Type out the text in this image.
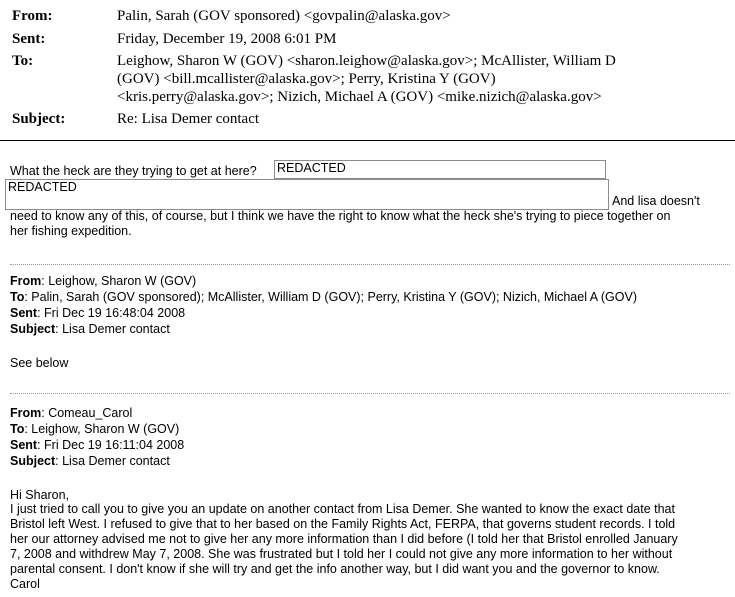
From:	Palin, Sarah (GOV sponsored) <govpalin@alaska.gov>
Sent:	Friday, December 19, 2008 6:01 PM
To:	Leighow, Sharon W (GOV) <sharon.leighow@alaska.gov>; McAllister, William D
(GOV) <bill.mcallister@alaska.gov>; Perry, Kristina Y (GOV)
<kris.perry@alaska.gov>; Nizich, Michael A (GOV) <mike.nizich@alaska.gov>
Subject:	Re: Lisa Demer contact
What the heck are they trying to get at here? REDACTED
REDACTED
And lisa doesn't
need to know any of this, of course, but I think we have the right to know what the heck she's trying to piece together on
her fishing expedition.
From: Leighow, Sharon W (GOV)
To: Palin, Sarah (GOV sponsored); McAllister, William D (GOV); Perry, Kristina Y (GOV); Nizich, Michael A (GOV)
Sent: Fri Dec 19 16:48:04 2008
Subject: Lisa Demer contact
See below
From: Comeau_Carol
To: Leighow, Sharon W (GOV)
Sent: Fri Dec 19 16:11:04 2008
Subject: Lisa Demer contact
Hi Sharon,
I just tried to call you to give you an update on another contact from Lisa Demer. She wanted to know the exact date that
Bristol left West. I refused to give that to her based on the Family Rights Act, FERPA, that governs student records. I told
her our attorney advised me not to give her any more information than I did before (I told her that Bristol enrolled January
7, 2008 and withdrew May 7, 2008. She was frustrated but I told her I could not give any more information to her without
parental consent. I don't know if she will try and get the info another way, but I did want you and the governor to know.
Carol
